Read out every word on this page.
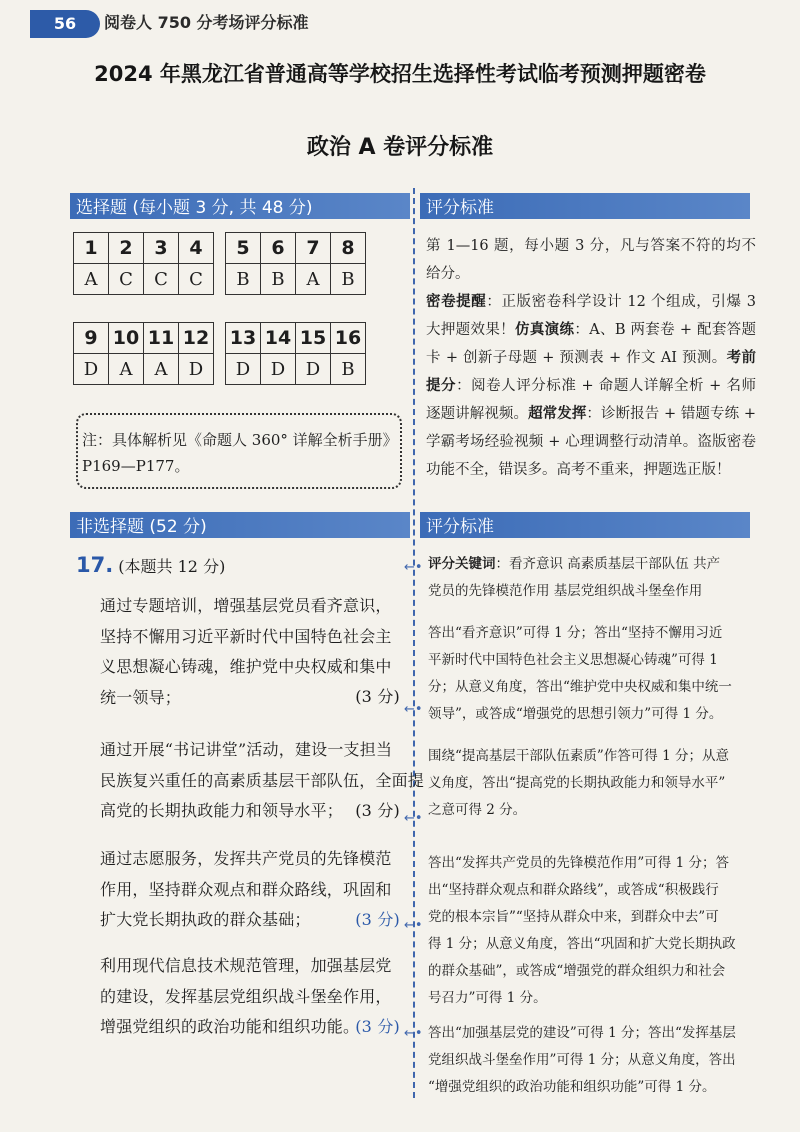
56	阅卷人 750 分考场评分标准
2024 年黑龙江省普通高等学校招生选择性考试临考预测押题密卷
政治 A 卷评分标准
选择题 (每小题 3 分, 共 48 分)
1	2	3	4
A	C	C	C
5	6	7	8
B	B	A	B
9	10	11	12
D	A	A	D
13	14	15	16
D	D	D	B
注：具体解析见《命题人 360° 详解全析手册》
P169—P177。
评分标准
第 1—16 题，每小题 3 分，凡与答案不符的均不给分。
密卷提醒：正版密卷科学设计 12 个组成，引爆 3 大押题效果！仿真演练：A、B 两套卷 + 配套答题卡 + 创新子母题 + 预测表 + 作文 AI 预测。考前提分：阅卷人评分标准 + 命题人详解全析 + 名师逐题讲解视频。超常发挥：诊断报告 + 错题专练 + 学霸考场经验视频 + 心理调整行动清单。盗版密卷功能不全，错误多。高考不重来，押题选正版！
非选择题 (52 分)	评分标准
17. (本题共 12 分)
通过专题培训，增强基层党员看齐意识，
坚持不懈用习近平新时代中国特色社会主
义思想凝心铸魂，维护党中央权威和集中
统一领导；	(3 分)
通过开展“书记讲堂”活动，建设一支担当
民族复兴重任的高素质基层干部队伍，全面提
高党的长期执政能力和领导水平； (3 分)
通过志愿服务，发挥共产党员的先锋模范
作用，坚持群众观点和群众路线，巩固和
扩大党长期执政的群众基础；	(3 分)
利用现代信息技术规范管理，加强基层党
的建设，发挥基层党组织战斗堡垒作用，
增强党组织的政治功能和组织功能。
(3 分)
←•
←•
←•
←•
←•
评分关键词：看齐意识 高素质基层干部队伍 共产
党员的先锋模范作用 基层党组织战斗堡垒作用
答出“看齐意识”可得 1 分；答出“坚持不懈用习近
平新时代中国特色社会主义思想凝心铸魂”可得 1
分；从意义角度，答出“维护党中央权威和集中统一
领导”，或答成“增强党的思想引领力”可得 1 分。
围绕“提高基层干部队伍素质”作答可得 1 分；从意
义角度，答出“提高党的长期执政能力和领导水平”
之意可得 2 分。
答出“发挥共产党员的先锋模范作用”可得 1 分；答
出“坚持群众观点和群众路线”，或答成“积极践行
党的根本宗旨”“坚持从群众中来，到群众中去”可
得 1 分；从意义角度，答出“巩固和扩大党长期执政
的群众基础”，或答成“增强党的群众组织力和社会
号召力”可得 1 分。
答出“加强基层党的建设”可得 1 分；答出“发挥基层
党组织战斗堡垒作用”可得 1 分；从意义角度，答出
“增强党组织的政治功能和组织功能”可得 1 分。
